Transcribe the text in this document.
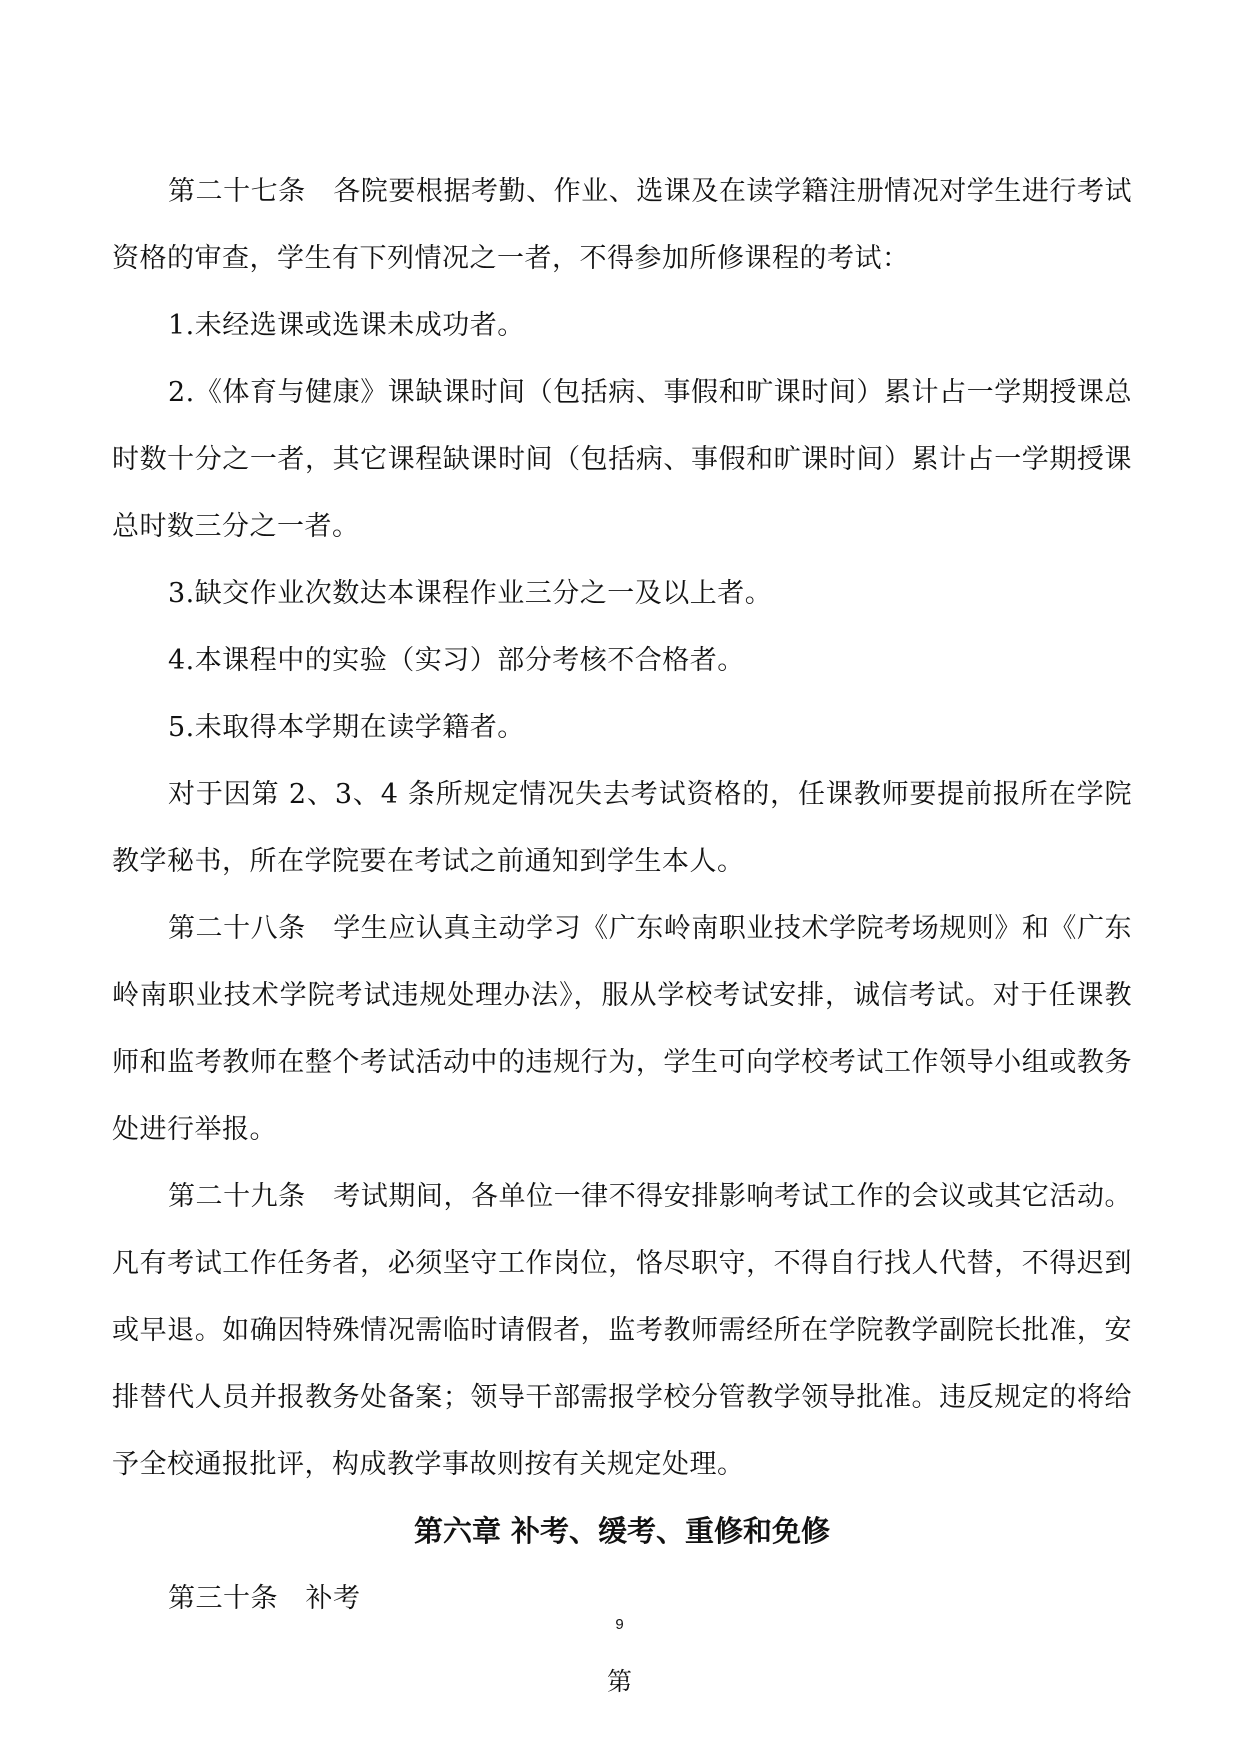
第二十七条　各院要根据考勤、作业、选课及在读学籍注册情况对学生进行考试资格的审查，学生有下列情况之一者，不得参加所修课程的考试：

1.未经选课或选课未成功者。

2.《体育与健康》课缺课时间（包括病、事假和旷课时间）累计占一学期授课总时数十分之一者，其它课程缺课时间（包括病、事假和旷课时间）累计占一学期授课总时数三分之一者。

3.缺交作业次数达本课程作业三分之一及以上者。

4.本课程中的实验（实习）部分考核不合格者。

5.未取得本学期在读学籍者。

对于因第 2、3、4 条所规定情况失去考试资格的，任课教师要提前报所在学院教学秘书，所在学院要在考试之前通知到学生本人。

第二十八条　学生应认真主动学习《广东岭南职业技术学院考场规则》和《广东岭南职业技术学院考试违规处理办法》，服从学校考试安排，诚信考试。对于任课教师和监考教师在整个考试活动中的违规行为，学生可向学校考试工作领导小组或教务处进行举报。

第二十九条　考试期间，各单位一律不得安排影响考试工作的会议或其它活动。凡有考试工作任务者，必须坚守工作岗位，恪尽职守，不得自行找人代替，不得迟到或早退。如确因特殊情况需临时请假者，监考教师需经所在学院教学副院长批准，安排替代人员并报教务处备案；领导干部需报学校分管教学领导批准。违反规定的将给予全校通报批评，构成教学事故则按有关规定处理。

第六章 补考、缓考、重修和免修

第三十条　补考

9
第
